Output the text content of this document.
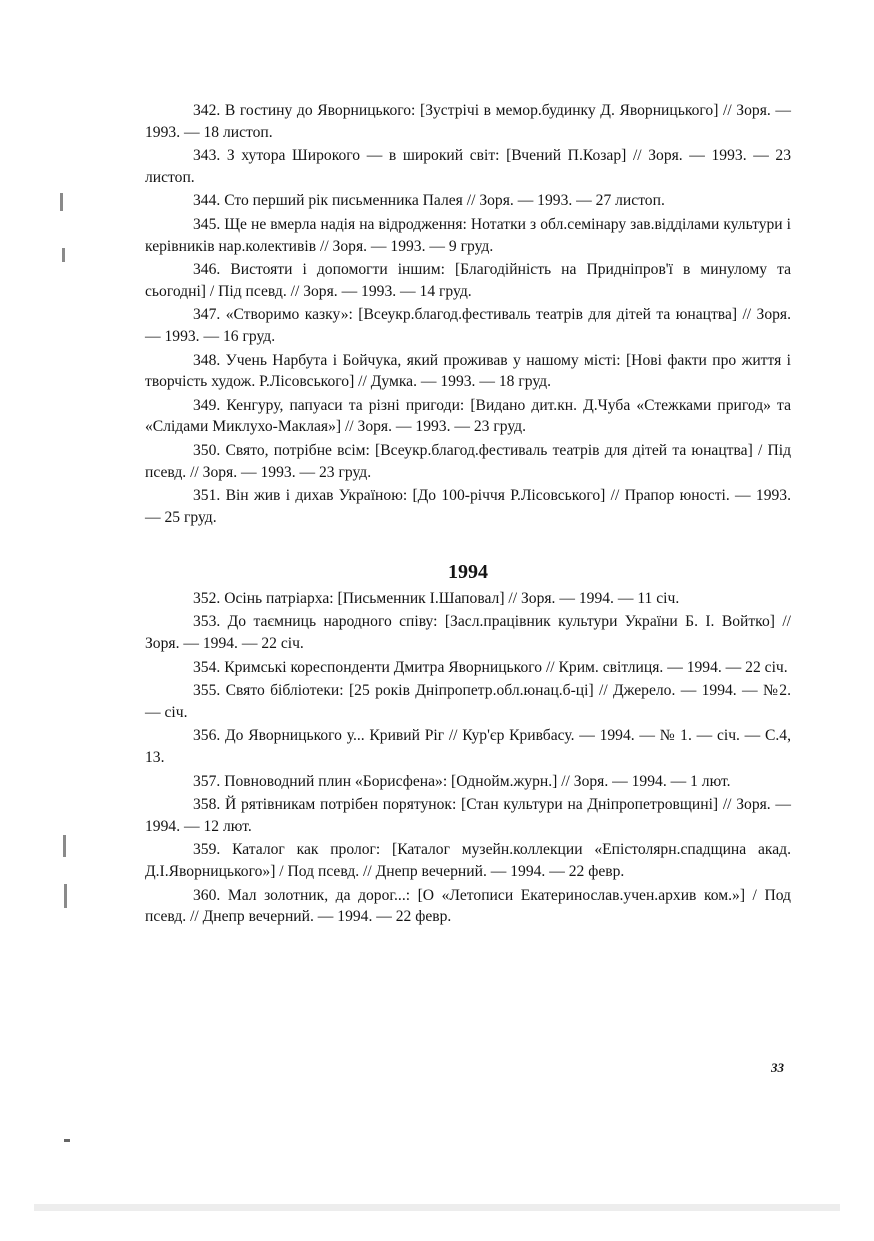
342. В гостину до Яворницького: [Зустрічі в мемор.будинку Д. Яворницького] // Зоря. — 1993. — 18 листоп.

343. З хутора Широкого — в широкий світ: [Вчений П.Козар] // Зоря. — 1993. — 23 листоп.

344. Сто перший рік письменника Палея // Зоря. — 1993. — 27 листоп.

345. Ще не вмерла надія на відродження: Нотатки з обл.семінару зав.відділами культури і керівників нар.колективів // Зоря. — 1993. — 9 груд.

346. Вистояти і допомогти іншим: [Благодійність на Придніпров'ї в минулому та сьогодні] / Під псевд. // Зоря. — 1993. — 14 груд.

347. «Створимо казку»: [Всеукр.благод.фестиваль театрів для дітей та юнацтва] // Зоря. — 1993. — 16 груд.

348. Учень Нарбута і Бойчука, який проживав у нашому місті: [Нові факти про життя і творчість худож. Р.Лісовського] // Думка. — 1993. — 18 груд.

349. Кенгуру, папуаси та різні пригоди: [Видано дит.кн. Д.Чуба «Стежками пригод» та «Слідами Миклухо-Маклая»] // Зоря. — 1993. — 23 груд.

350. Свято, потрібне всім: [Всеукр.благод.фестиваль театрів для дітей та юнацтва] / Під псевд. // Зоря. — 1993. — 23 груд.

351. Він жив і дихав Україною: [До 100-річчя Р.Лісовського] // Прапор юності. — 1993. — 25 груд.

1994

352. Осінь патріарха: [Письменник І.Шаповал] // Зоря. — 1994. — 11 січ.

353. До таємниць народного співу: [Засл.працівник культури України Б. І. Войтко] // Зоря. — 1994. — 22 січ.

354. Кримські кореспонденти Дмитра Яворницького // Крим. світлиця. — 1994. — 22 січ.

355. Свято бібліотеки: [25 років Дніпропетр.обл.юнац.б-ці] // Джерело. — 1994. — №2. — січ.

356. До Яворницького у... Кривий Ріг // Кур'єр Кривбасу. — 1994. — № 1. — січ. — С.4, 13.

357. Повноводний плин «Борисфена»: [Однойм.журн.] // Зоря. — 1994. — 1 лют.

358. Й рятівникам потрібен порятунок: [Стан культури на Дніпропетровщині] // Зоря. — 1994. — 12 лют.

359. Каталог как пролог: [Каталог музейн.коллекции «Епістолярн.спадщина акад. Д.І.Яворницького»] / Под псевд. // Днепр вечерний. — 1994. — 22 февр.

360. Мал золотник, да дорог...: [О «Летописи Екатеринослав.учен.архив ком.»] / Под псевд. // Днепр вечерний. — 1994. — 22 февр.

33
